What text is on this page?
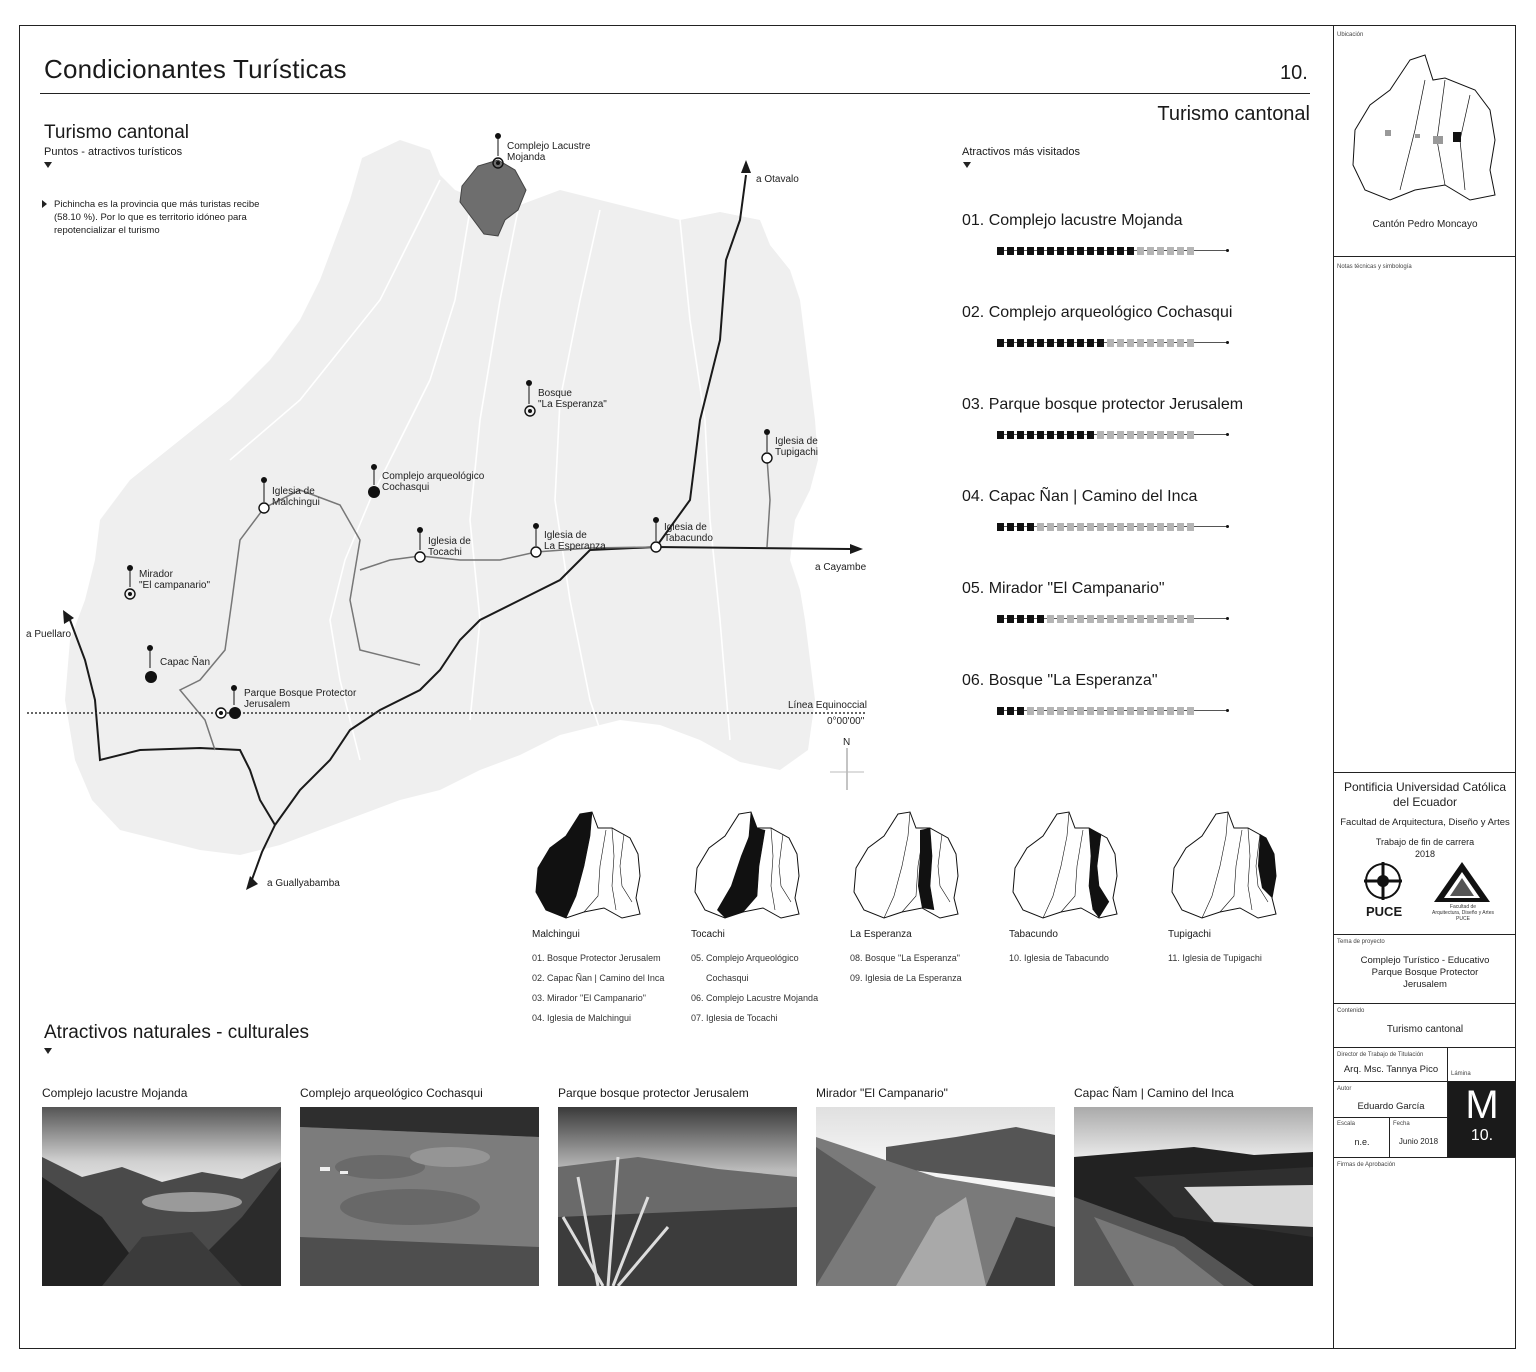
Condicionantes Turísticas	10.
Turismo cantonal
Puntos - atractivos turísticos
Pichincha es la provincia que más turistas recibe
(58.10 %). Por lo que es territorio idóneo para
repotencializar el turismo
Complejo Lacustre Mojanda
Bosque "La Esperanza"
Iglesia de Tupigachi
Complejo arqueológico Cochasqui
Iglesia de Malchingui
Iglesia de Tocachi
Iglesia de La Esperanza
Iglesia de Tabacundo
Mirador "El campanario"
Capac Ñan
Parque Bosque Protector Jerusalem
a Otavalo
a Cayambe
a Puellaro
a Guallyabamba
Línea Equinoccial
0°00'00"
N
Turismo cantonal
Atractivos más visitados
01. Complejo lacustre Mojanda
02. Complejo arqueológico Cochasqui
03. Parque bosque protector Jerusalem
04. Capac Ñan | Camino del Inca
05. Mirador "El Campanario"
06. Bosque "La Esperanza"
Malchingui
01. Bosque Protector Jerusalem
02. Capac Ñan | Camino del Inca
03. Mirador "El Campanario"
04. Iglesia de Malchingui
Tocachi
05. Complejo Arqueológico
Cochasqui
06. Complejo Lacustre Mojanda
07. Iglesia de Tocachi
La Esperanza
08. Bosque "La Esperanza"
09. Iglesia de La Esperanza
Tabacundo
10. Iglesia de Tabacundo
Tupigachi
11. Iglesia de Tupigachi
Atractivos naturales - culturales
Complejo lacustre Mojanda	Complejo arqueológico Cochasqui	Parque bosque protector Jerusalem	Mirador "El Campanario"	Capac Ñam | Camino del Inca
Ubicación
Cantón Pedro Moncayo
Notas técnicas y simbología
Pontificia Universidad Católica
del Ecuador
Facultad de Arquitectura, Diseño y Artes
Trabajo de fin de carrera
2018
PUCE	Facultad de
Arquitectura, Diseño y Artes
PUCE
Tema de proyecto
Complejo Turístico - Educativo
Parque Bosque Protector
Jerusalem
Contenido
Turismo cantonal
Director de Trabajo de Titulación
Arq. Msc. Tannya Pico	Lámina
M
10.
Autor
Eduardo García
Escala
n.e.
Fecha
Junio 2018
Firmas de Aprobación
